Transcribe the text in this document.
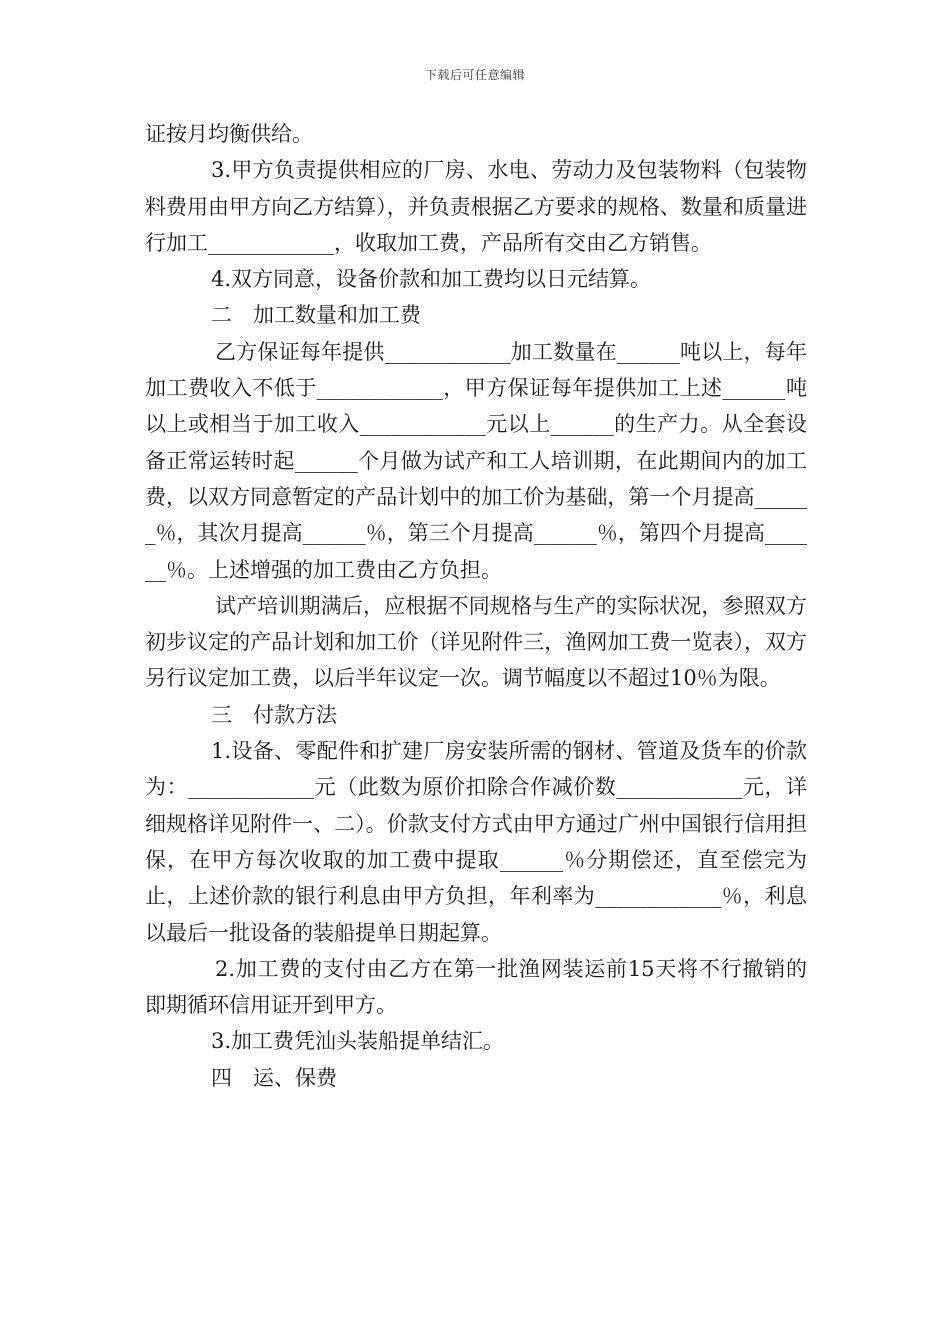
下载后可任意编辑

证按月均衡供给。

3.甲方负责提供相应的厂房、水电、劳动力及包装物料（包装物料费用由甲方向乙方结算），并负责根据乙方要求的规格、数量和质量进行加工____________，收取加工费，产品所有交由乙方销售。

4.双方同意，设备价款和加工费均以日元结算。

二　加工数量和加工费

乙方保证每年提供____________加工数量在______吨以上，每年加工费收入不低于____________，甲方保证每年提供加工上述______吨以上或相当于加工收入____________元以上______的生产力。从全套设备正常运转时起______个月做为试产和工人培训期，在此期间内的加工费，以双方同意暂定的产品计划中的加工价为基础，第一个月提高______％，其次月提高______％，第三个月提高______％，第四个月提高______％。上述增强的加工费由乙方负担。

试产培训期满后，应根据不同规格与生产的实际状况，参照双方初步议定的产品计划和加工价（详见附件三，渔网加工费一览表），双方另行议定加工费，以后半年议定一次。调节幅度以不超过10％为限。

三　付款方法

1.设备、零配件和扩建厂房安装所需的钢材、管道及货车的价款为：____________元（此数为原价扣除合作减价数____________元，详细规格详见附件一、二）。价款支付方式由甲方通过广州中国银行信用担保，在甲方每次收取的加工费中提取______％分期偿还，直至偿完为止，上述价款的银行利息由甲方负担，年利率为____________％，利息以最后一批设备的装船提单日期起算。

2.加工费的支付由乙方在第一批渔网装运前15天将不行撤销的即期循环信用证开到甲方。

3.加工费凭汕头装船提单结汇。

四　运、保费
